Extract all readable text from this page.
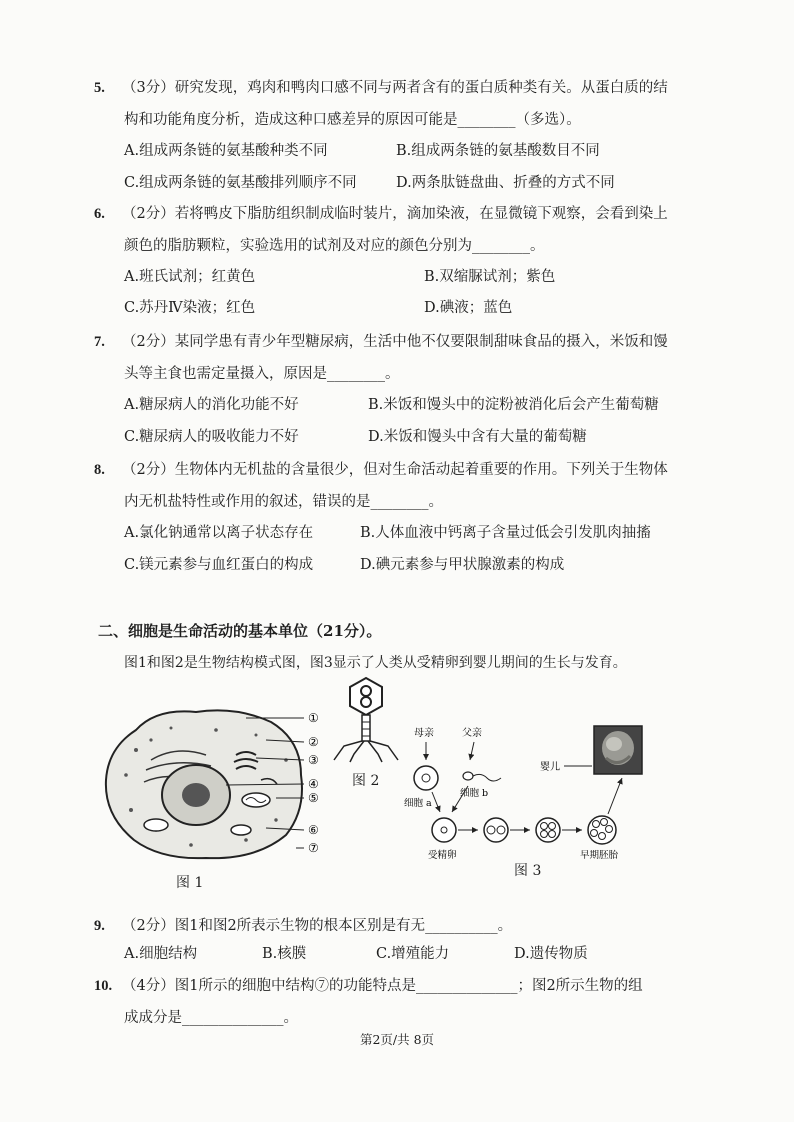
5. （3分）研究发现，鸡肉和鸭肉口感不同与两者含有的蛋白质种类有关。从蛋白质的结
构和功能角度分析，造成这种口感差异的原因可能是________（多选）。
A.组成两条链的氨基酸种类不同	B.组成两条链的氨基酸数目不同
C.组成两条链的氨基酸排列顺序不同	D.两条肽链盘曲、折叠的方式不同
6. （2分）若将鸭皮下脂肪组织制成临时装片，滴加染液，在显微镜下观察，会看到染上
颜色的脂肪颗粒，实验选用的试剂及对应的颜色分别为________。
A.班氏试剂；红黄色	B.双缩脲试剂；紫色
C.苏丹Ⅳ染液；红色	D.碘液；蓝色
7. （2分）某同学患有青少年型糖尿病，生活中他不仅要限制甜味食品的摄入，米饭和馒
头等主食也需定量摄入，原因是________。
A.糖尿病人的消化功能不好	B.米饭和馒头中的淀粉被消化后会产生葡萄糖
C.糖尿病人的吸收能力不好	D.米饭和馒头中含有大量的葡萄糖
8. （2分）生物体内无机盐的含量很少，但对生命活动起着重要的作用。下列关于生物体
内无机盐特性或作用的叙述，错误的是________。
A.氯化钠通常以离子状态存在	B.人体血液中钙离子含量过低会引发肌肉抽搐
C.镁元素参与血红蛋白的构成	D.碘元素参与甲状腺激素的构成
二、细胞是生命活动的基本单位（21分）。
图1和图2是生物结构模式图，图3显示了人类从受精卵到婴儿期间的生长与发育。
①
②
③
④
⑤
⑥
⑦
图 1
图 2
母亲	父亲
细胞 a
细胞 b
受精卵	早期胚胎
婴儿
图 3
9. （2分）图1和图2所表示生物的根本区别是有无__________。
A.细胞结构	B.核膜	C.增殖能力	D.遗传物质
10. （4分）图1所示的细胞中结构⑦的功能特点是______________；图2所示生物的组
成成分是______________。
第2页/共 8页
